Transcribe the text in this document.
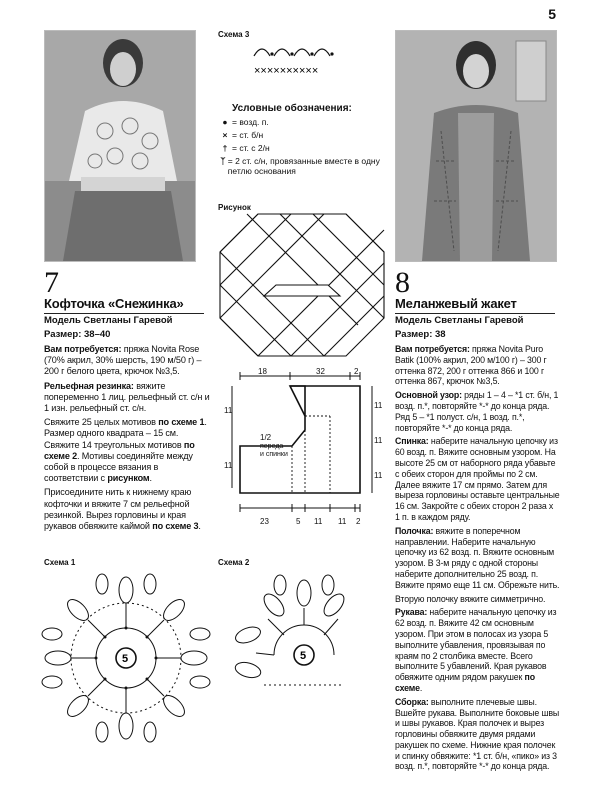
5
Схема 3
××××××××××
Условные обозначения:
● = возд. п.
× = ст. б/н
† = ст. с 2/н
ᛉ = 2 ст. с/н, провязанные вместе в одну петлю основания
Рисунок
18	32	2
11
11
11
11
11
23	5 11 11 2
1/2
переда
и спинки
7
Кофточка «Снежинка»
Модель Светланы Гаревой
Размер: 38–40

Вам потребуется: пряжа Novita Rose (70% акрил, 30% шерсть, 190 м/50 г) – 200 г белого цвета, крючок №3,5.

Рельефная резинка: вяжите попеременно 1 лиц. рельефный ст. с/н и 1 изн. рельефный ст. с/н.

Свяжите 25 целых мотивов по схеме 1. Размер одного квадрата – 15 см. Свяжите 14 треугольных мотивов по схеме 2. Мотивы соединяйте между собой в процессе вязания в соответствии с рисунком.

Присоедините нить к нижнему краю кофточки и вяжите 7 см рельефной резинкой. Вырез горловины и края рукавов обвяжите каймой по схеме 3.

8
Меланжевый жакет
Модель Светланы Гаревой
Размер: 38

Вам потребуется: пряжа Novita Puro Batik (100% акрил, 200 м/100 г) – 300 г оттенка 872, 200 г оттенка 866 и 100 г оттенка 867, крючок №3,5.

Основной узор: ряды 1 – 4 – *1 ст. б/н, 1 возд. п.*, повторяйте *-* до конца ряда. Ряд 5 – *1 полуст. с/н, 1 возд. п.*, повторяйте *-* до конца ряда.

Спинка: наберите начальную цепочку из 60 возд. п. Вяжите основным узором. На высоте 25 см от наборного ряда убавьте с обеих сторон для проймы по 2 см. Далее вяжите 17 см прямо. Затем для выреза горловины оставьте центральные 16 см. Закройте с обеих сторон 2 раза х 1 п. в каждом ряду.

Полочка: вяжите в поперечном направлении. Наберите начальную цепочку из 62 возд. п. Вяжите основным узором. В 3-м ряду с одной стороны наберите дополнительно 25 возд. п. Вяжите прямо еще 11 см. Обрежьте нить.

Вторую полочку вяжите симметрично.

Рукава: наберите начальную цепочку из 62 возд. п. Вяжите 42 см основным узором. При этом в полосах из узора 5 выполните убавления, провязывая по краям по 2 столбика вместе. Всего выполните 5 убавлений. Края рукавов обвяжите одним рядом ракушек по схеме.

Сборка: выполните плечевые швы. Вшейте рукава. Выполните боковые швы и швы рукавов. Края полочек и вырез горловины обвяжите двумя рядами ракушек по схеме. Нижние края полочек и спинку обвяжите: *1 ст. б/н, «пико» из 3 возд. п.*, повторяйте *-* до конца ряда.

Схема 1
5
Схема 2
5
